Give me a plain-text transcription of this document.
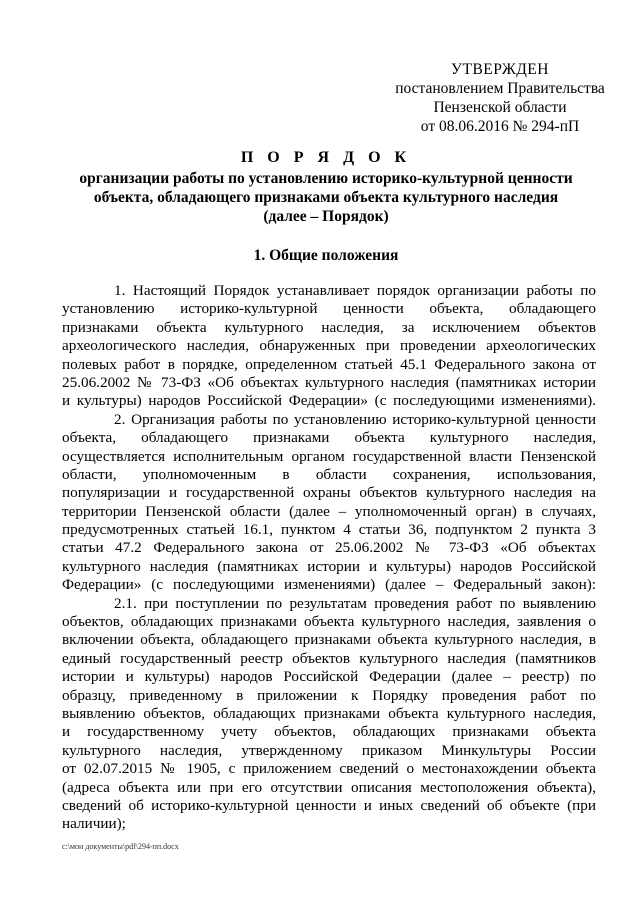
УТВЕРЖДЕН
постановлением Правительства
Пензенской области
от 08.06.2016 № 294-пП
П О Р Я Д О К
организации работы по установлению историко-культурной ценности
объекта, обладающего признаками объекта культурного наследия
(далее – Порядок)
1. Общие положения
1. Настоящий Порядок устанавливает порядок организации работы по
установлению историко-культурной ценности объекта, обладающего
признаками объекта культурного наследия, за исключением объектов
археологического наследия, обнаруженных при проведении археологических
полевых работ в порядке, определенном статьей 45.1 Федерального закона от
25.06.2002 № 73-ФЗ «Об объектах культурного наследия (памятниках истории
и культуры) народов Российской Федерации» (с последующими изменениями).
2. Организация работы по установлению историко-культурной ценности
объекта, обладающего признаками объекта культурного наследия,
осуществляется исполнительным органом государственной власти Пензенской
области, уполномоченным в области сохранения, использования,
популяризации и государственной охраны объектов культурного наследия на
территории Пензенской области (далее – уполномоченный орган) в случаях,
предусмотренных статьей 16.1, пунктом 4 статьи 36, подпунктом 2 пункта 3
статьи 47.2 Федерального закона от 25.06.2002 № 73-ФЗ «Об объектах
культурного наследия (памятниках истории и культуры) народов Российской
Федерации» (с последующими изменениями) (далее – Федеральный закон):
2.1. при поступлении по результатам проведения работ по выявлению
объектов, обладающих признаками объекта культурного наследия, заявления о
включении объекта, обладающего признаками объекта культурного наследия, в
единый государственный реестр объектов культурного наследия (памятников
истории и культуры) народов Российской Федерации (далее – реестр) по
образцу, приведенному в приложении к Порядку проведения работ по
выявлению объектов, обладающих признаками объекта культурного наследия,
и государственному учету объектов, обладающих признаками объекта
культурного наследия, утвержденному приказом Минкультуры России
от 02.07.2015 № 1905, с приложением сведений о местонахождении объекта
(адреса объекта или при его отсутствии описания местоположения объекта),
сведений об историко-культурной ценности и иных сведений об объекте (при
наличии);
c:\мои документы\pdf\294-пп.docx
